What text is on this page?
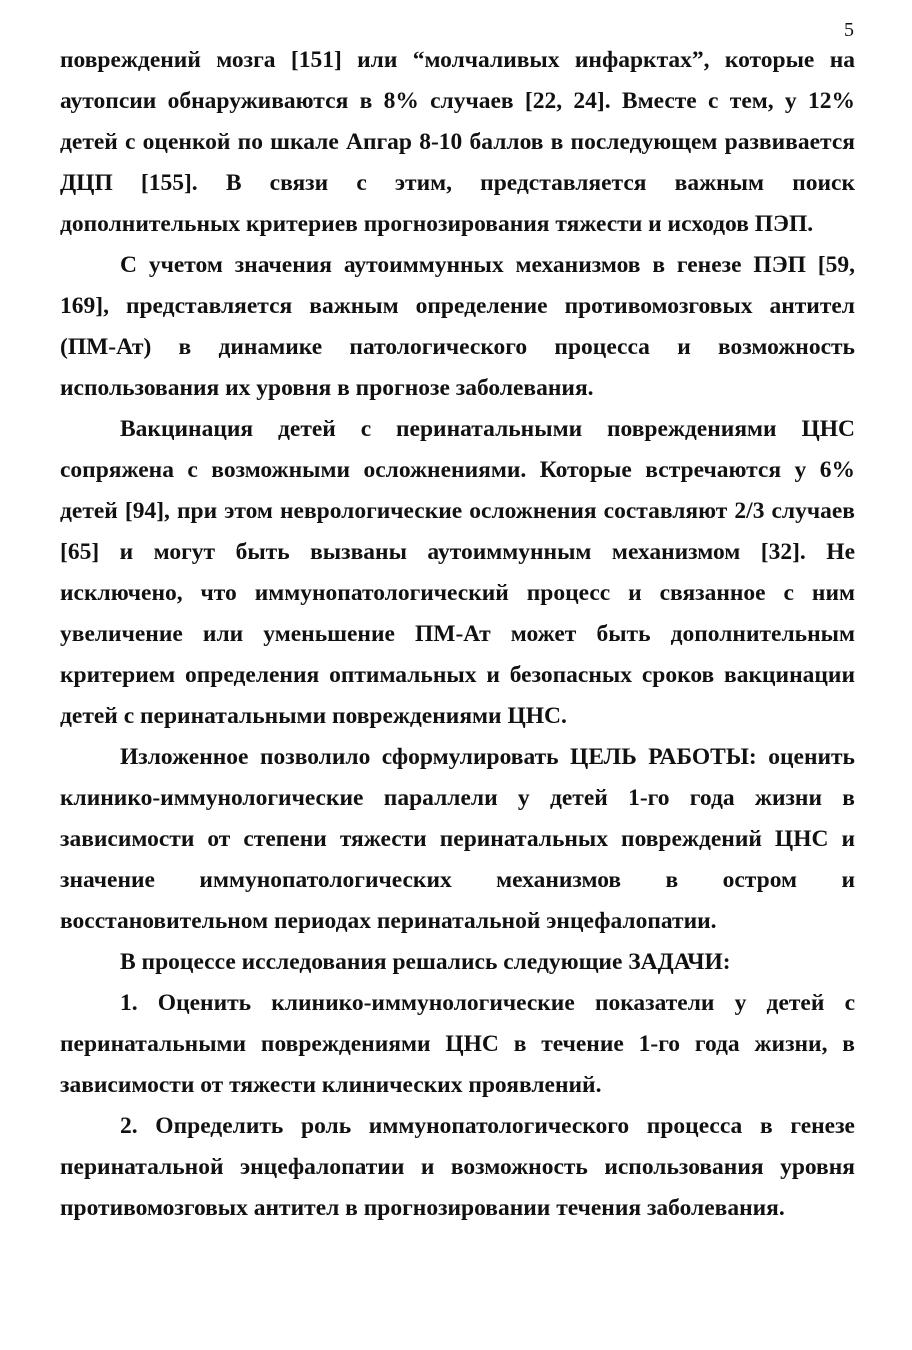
5

повреждений мозга [151] или “молчаливых инфарктах”, которые на аутопсии обнаруживаются в 8% случаев [22, 24]. Вместе с тем, у 12% детей с оценкой по шкале Апгар 8-10 баллов в последующем развивается ДЦП [155]. В связи с этим, представляется важным поиск дополнительных критериев прогнозирования тяжести и исходов ПЭП.

С учетом значения аутоиммунных механизмов в генезе ПЭП [59, 169], представляется важным определение противомозговых антител (ПМ-Ат) в динамике патологического процесса и возможность использования их уровня в прогнозе заболевания.

Вакцинация детей с перинатальными повреждениями ЦНС сопряжена с возможными осложнениями. Которые встречаются у 6% детей [94], при этом неврологические осложнения составляют 2/3 случаев [65] и могут быть вызваны аутоиммунным механизмом [32]. Не исключено, что иммунопатологический процесс и связанное с ним увеличение или уменьшение ПМ-Ат может быть дополнительным критерием определения оптимальных и безопасных сроков вакцинации детей с перинатальными повреждениями ЦНС.

Изложенное позволило сформулировать ЦЕЛЬ РАБОТЫ: оценить клинико-иммунологические параллели у детей 1-го года жизни в зависимости от степени тяжести перинатальных повреждений ЦНС и значение иммунопатологических механизмов в остром и восстановительном периодах перинатальной энцефалопатии.

В процессе исследования решались следующие ЗАДАЧИ:

1. Оценить клинико-иммунологические показатели у детей с перинатальными повреждениями ЦНС в течение 1-го года жизни, в зависимости от тяжести клинических проявлений.

2. Определить роль иммунопатологического процесса в генезе перинатальной энцефалопатии и возможность использования уровня противомозговых антител в прогнозировании течения заболевания.
